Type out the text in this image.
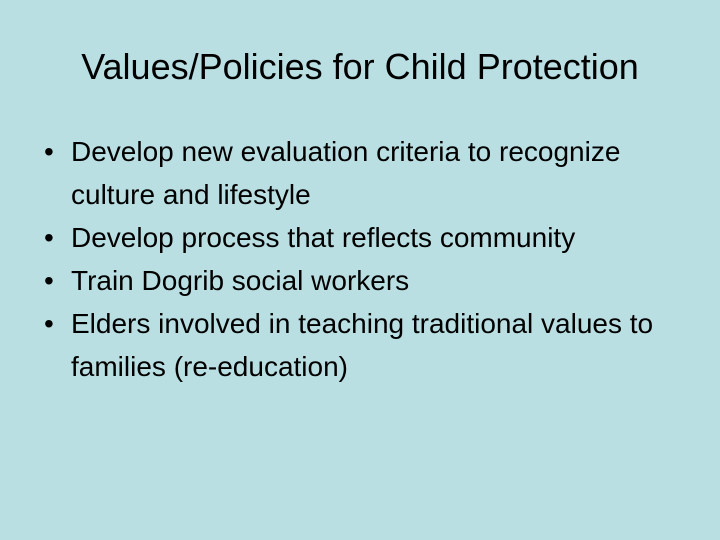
Values/Policies for Child Protection
• Develop new evaluation criteria to recognize culture and lifestyle
• Develop process that reflects community
• Train Dogrib social workers
• Elders involved in teaching traditional values to families (re-education)
